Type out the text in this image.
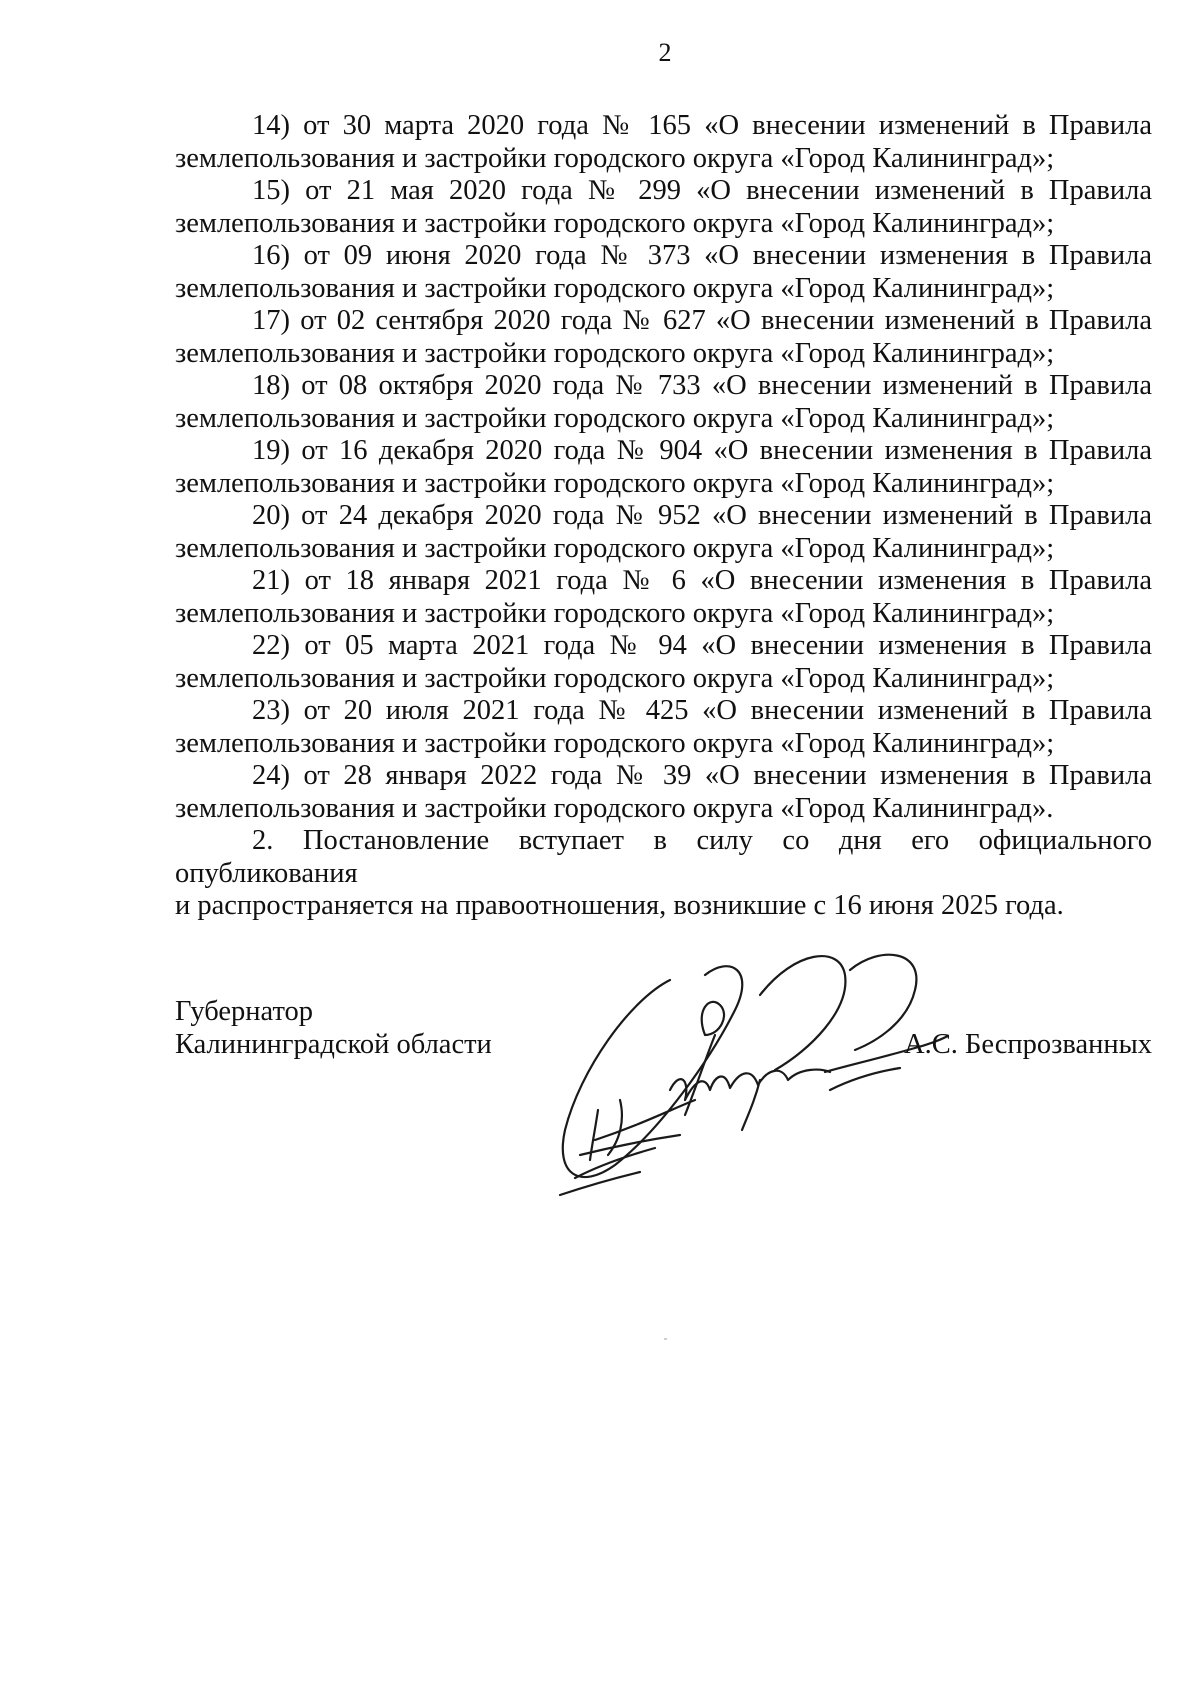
2

14) от 30 марта 2020 года № 165 «О внесении изменений в Правила
землепользования и застройки городского округа «Город Калининград»;

15) от 21 мая 2020 года № 299 «О внесении изменений в Правила
землепользования и застройки городского округа «Город Калининград»;

16) от 09 июня 2020 года № 373 «О внесении изменения в Правила
землепользования и застройки городского округа «Город Калининград»;

17) от 02 сентября 2020 года № 627 «О внесении изменений в Правила
землепользования и застройки городского округа «Город Калининград»;

18) от 08 октября 2020 года № 733 «О внесении изменений в Правила
землепользования и застройки городского округа «Город Калининград»;

19) от 16 декабря 2020 года № 904 «О внесении изменения в Правила
землепользования и застройки городского округа «Город Калининград»;

20) от 24 декабря 2020 года № 952 «О внесении изменений в Правила
землепользования и застройки городского округа «Город Калининград»;

21) от 18 января 2021 года № 6 «О внесении изменения в Правила
землепользования и застройки городского округа «Город Калининград»;

22) от 05 марта 2021 года № 94 «О внесении изменения в Правила
землепользования и застройки городского округа «Город Калининград»;

23) от 20 июля 2021 года № 425 «О внесении изменений в Правила
землепользования и застройки городского округа «Город Калининград»;

24) от 28 января 2022 года № 39 «О внесении изменения в Правила
землепользования и застройки городского округа «Город Калининград».

2. Постановление вступает в силу со дня его официального опубликования
и распространяется на правоотношения, возникшие с 16 июня 2025 года.

Губернатор
Калининградской области	А.С. Беспрозванных
